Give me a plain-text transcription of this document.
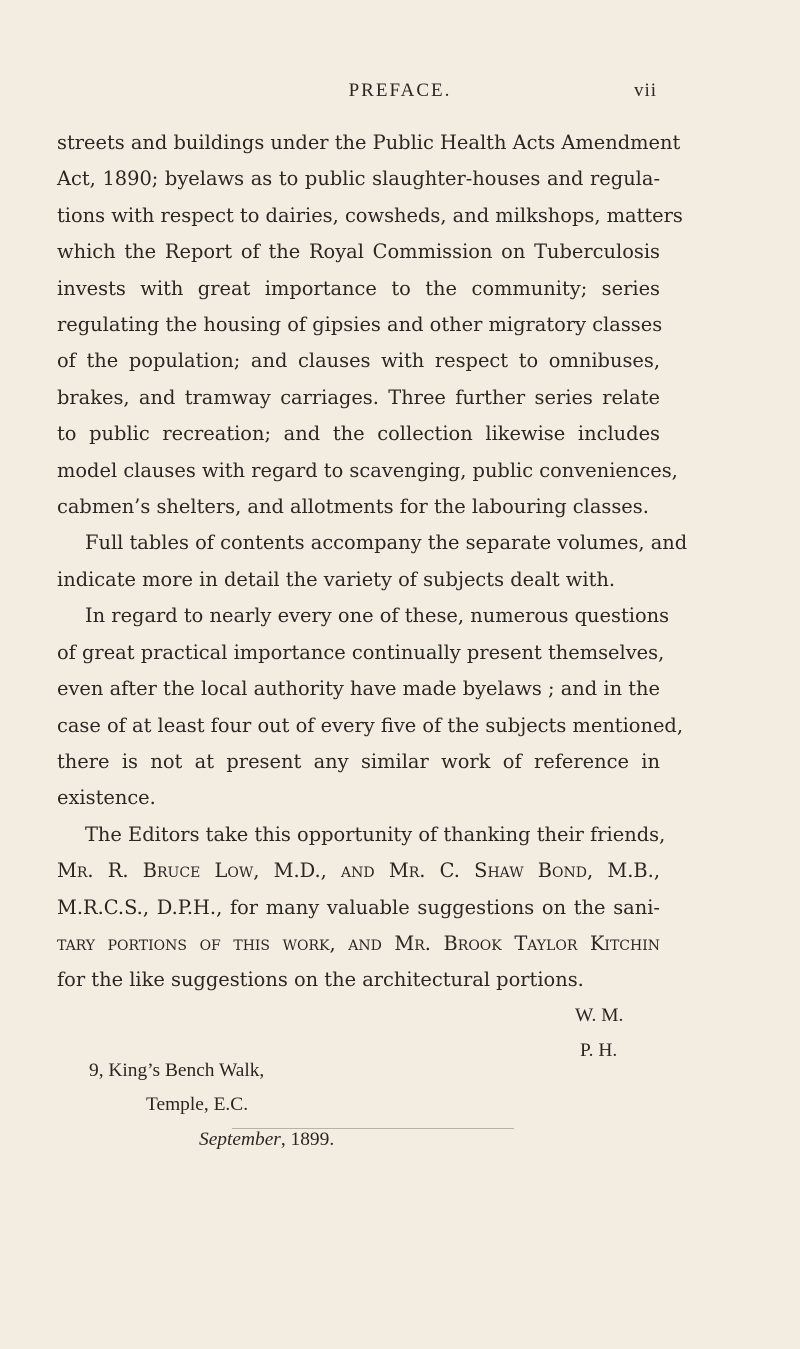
PREFACE.	vii
streets and buildings under the Public Health Acts Amendment
Act, 1890; byelaws as to public slaughter-houses and regula-
tions with respect to dairies, cowsheds, and milkshops, matters
which the Report of the Royal Commission on Tuberculosis
invests with great importance to the community; series
regulating the housing of gipsies and other migratory classes
of the population; and clauses with respect to omnibuses,
brakes, and tramway carriages. Three further series relate
to public recreation; and the collection likewise includes
model clauses with regard to scavenging, public conveniences,
cabmen’s shelters, and allotments for the labouring classes.
Full tables of contents accompany the separate volumes, and
indicate more in detail the variety of subjects dealt with.
In regard to nearly every one of these, numerous questions
of great practical importance continually present themselves,
even after the local authority have made byelaws ; and in the
case of at least four out of every five of the subjects mentioned,
there is not at present any similar work of reference in
existence.
The Editors take this opportunity of thanking their friends,
Mr. R. Bruce Low, M.D., and Mr. C. Shaw Bond, M.B.,
M.R.C.S., D.P.H., for many valuable suggestions on the sani-
tary portions of this work, and Mr. Brook Taylor Kitchin
for the like suggestions on the architectural portions.
W. M.
P. H.
9, King’s Bench Walk,
Temple, E.C.
September, 1899.
